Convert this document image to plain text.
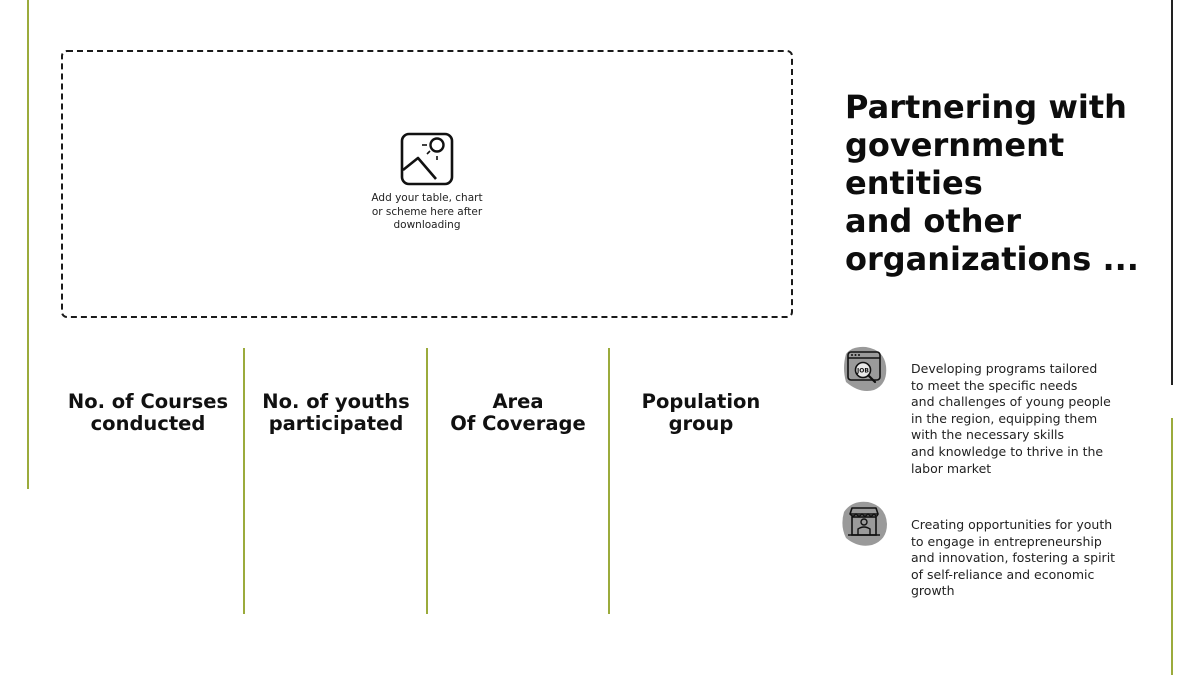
Add your table, chart or scheme here after downloading
Partnering with
government
entities
and other
organizations ...
No. of Courses
conducted
No. of youths
participated
Area
Of Coverage
Population
group
JOB	Developing programs tailored
to meet the specific needs
and challenges of young people
in the region, equipping them
with the necessary skills
and knowledge to thrive in the
labor market
Creating opportunities for youth
to engage in entrepreneurship
and innovation, fostering a spirit
of self-reliance and economic
growth
